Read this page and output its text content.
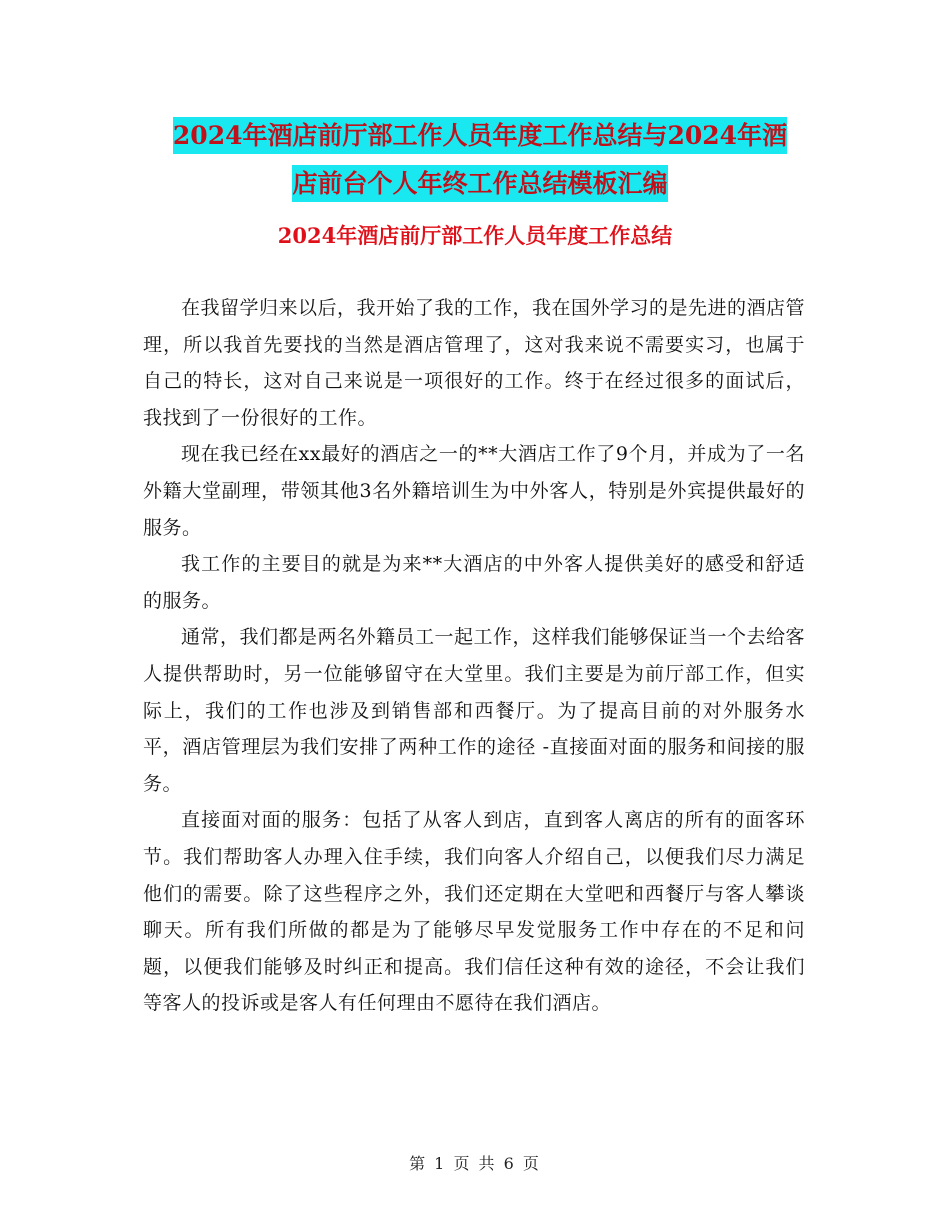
2024年酒店前厅部工作人员年度工作总结与2024年酒
店前台个人年终工作总结模板汇编
2024年酒店前厅部工作人员年度工作总结

在我留学归来以后，我开始了我的工作，我在国外学习的是先进的酒店管理，所以我首先要找的当然是酒店管理了，这对我来说不需要实习，也属于自己的特长，这对自己来说是一项很好的工作。终于在经过很多的面试后，我找到了一份很好的工作。

现在我已经在xx最好的酒店之一的**大酒店工作了9个月，并成为了一名外籍大堂副理，带领其他3名外籍培训生为中外客人，特别是外宾提供最好的服务。

我工作的主要目的就是为来**大酒店的中外客人提供美好的感受和舒适的服务。

通常，我们都是两名外籍员工一起工作，这样我们能够保证当一个去给客人提供帮助时，另一位能够留守在大堂里。我们主要是为前厅部工作，但实际上，我们的工作也涉及到销售部和西餐厅。为了提高目前的对外服务水平，酒店管理层为我们安排了两种工作的途径 -直接面对面的服务和间接的服务。

直接面对面的服务：包括了从客人到店，直到客人离店的所有的面客环节。我们帮助客人办理入住手续，我们向客人介绍自己，以便我们尽力满足他们的需要。除了这些程序之外，我们还定期在大堂吧和西餐厅与客人攀谈聊天。所有我们所做的都是为了能够尽早发觉服务工作中存在的不足和问题，以便我们能够及时纠正和提高。我们信任这种有效的途径，不会让我们等客人的投诉或是客人有任何理由不愿待在我们酒店。

第 1 页 共 6 页
